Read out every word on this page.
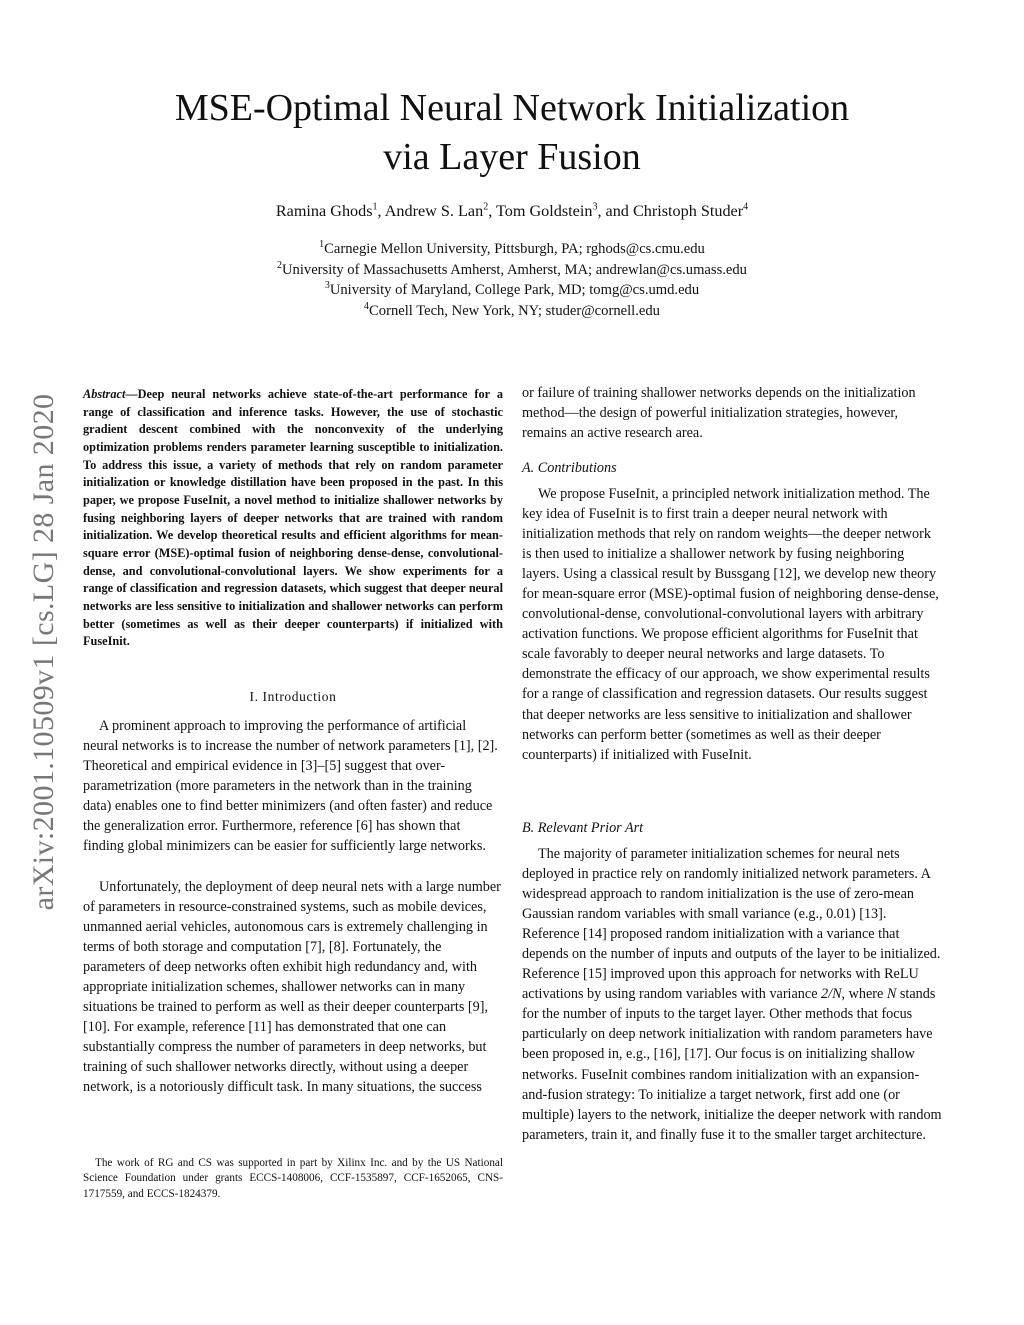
MSE-Optimal Neural Network Initialization
via Layer Fusion
Ramina Ghods$^1$, Andrew S. Lan$^2$, Tom Goldstein$^3$, and Christoph Studer$^4$
$^1$Carnegie Mellon University, Pittsburgh, PA; rghods@cs.cmu.edu
$^2$University of Massachusetts Amherst, Amherst, MA; andrewlan@cs.umass.edu
$^3$University of Maryland, College Park, MD; tomg@cs.umd.edu
$^4$Cornell Tech, New York, NY; studer@cornell.edu
arXiv:2001.10509v1 [cs.LG] 28 Jan 2020 Abstract—Deep neural networks achieve state-of-the-art performance for a range of classification and inference tasks. However, the use of stochastic gradient descent combined with the nonconvexity of the underlying optimization problems renders parameter learning susceptible to initialization. To address this issue, a variety of methods that rely on random parameter initialization or knowledge distillation have been proposed in the past. In this paper, we propose FuseInit, a novel method to initialize shallower networks by fusing neighboring layers of deeper networks that are trained with random initialization. We develop theoretical results and efficient algorithms for mean-square error (MSE)-optimal fusion of neighboring dense-dense, convolutional-dense, and convolutional-convolutional layers. We show experiments for a range of classification and regression datasets, which suggest that deeper neural networks are less sensitive to initialization and shallower networks can perform better (sometimes as well as their deeper counterparts) if initialized with FuseInit.
I. Introduction

A prominent approach to improving the performance of artificial neural networks is to increase the number of network parameters [1], [2]. Theoretical and empirical evidence in [3]–[5] suggest that over-parametrization (more parameters in the network than in the training data) enables one to find better minimizers (and often faster) and reduce the generalization error. Furthermore, reference [6] has shown that finding global minimizers can be easier for sufficiently large networks.

Unfortunately, the deployment of deep neural nets with a large number of parameters in resource-constrained systems, such as mobile devices, unmanned aerial vehicles, autonomous cars is extremely challenging in terms of both storage and computation [7], [8]. Fortunately, the parameters of deep networks often exhibit high redundancy and, with appropriate initialization schemes, shallower networks can in many situations be trained to perform as well as their deeper counterparts [9], [10]. For example, reference [11] has demonstrated that one can substantially compress the number of parameters in deep networks, but training of such shallower networks directly, without using a deeper network, is a notoriously difficult task. In many situations, the success

The work of RG and CS was supported in part by Xilinx Inc. and by the US National Science Foundation under grants ECCS-1408006, CCF-1535897, CCF-1652065, CNS-1717559, and ECCS-1824379.

or failure of training shallower networks depends on the initialization method—the design of powerful initialization strategies, however, remains an active research area.

A. Contributions

We propose FuseInit, a principled network initialization method. The key idea of FuseInit is to first train a deeper neural network with initialization methods that rely on random weights—the deeper network is then used to initialize a shallower network by fusing neighboring layers. Using a classical result by Bussgang [12], we develop new theory for mean-square error (MSE)-optimal fusion of neighboring dense-dense, convolutional-dense, convolutional-convolutional layers with arbitrary activation functions. We propose efficient algorithms for FuseInit that scale favorably to deeper neural networks and large datasets. To demonstrate the efficacy of our approach, we show experimental results for a range of classification and regression datasets. Our results suggest that deeper networks are less sensitive to initialization and shallower networks can perform better (sometimes as well as their deeper counterparts) if initialized with FuseInit.

B. Relevant Prior Art

The majority of parameter initialization schemes for neural nets deployed in practice rely on randomly initialized network parameters. A widespread approach to random initialization is the use of zero-mean Gaussian random variables with small variance (e.g., 0.01) [13]. Reference [14] proposed random initialization with a variance that depends on the number of inputs and outputs of the layer to be initialized. Reference [15] improved upon this approach for networks with ReLU activations by using random variables with variance 2/N, where N stands for the number of inputs to the target layer. Other methods that focus particularly on deep network initialization with random parameters have been proposed in, e.g., [16], [17]. Our focus is on initializing shallow networks. FuseInit combines random initialization with an expansion-and-fusion strategy: To initialize a target network, first add one (or multiple) layers to the network, initialize the deeper network with random parameters, train it, and finally fuse it to the smaller target architecture.
